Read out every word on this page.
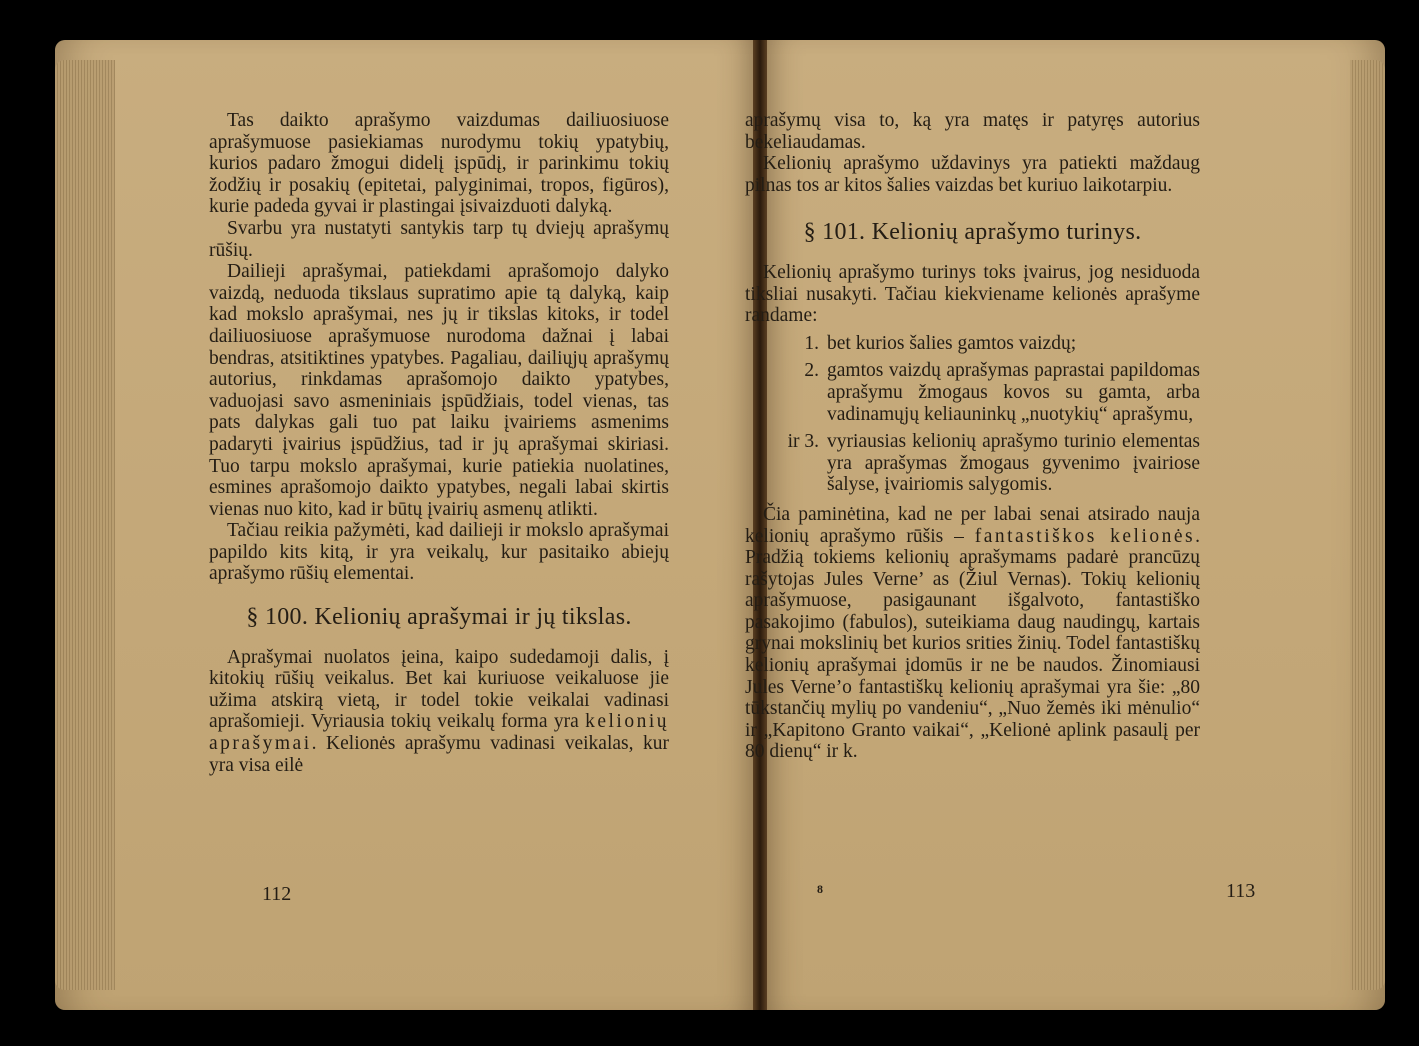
Tas daikto aprašymo vaizdumas dailiuosiuose aprašymuose pasiekiamas nurodymu tokių ypatybių, kurios padaro žmogui didelį įspūdį, ir parinkimu tokių žodžių ir posakių (epitetai, palyginimai, tropos, figūros), kurie padeda gyvai ir plastingai įsivaizduoti dalyką.

Svarbu yra nustatyti santykis tarp tų dviejų aprašymų rūšių.

Dailieji aprašymai, patiekdami aprašomojo dalyko vaizdą, neduoda tikslaus supratimo apie tą dalyką, kaip kad mokslo aprašymai, nes jų ir tikslas kitoks, ir todel dailiuosiuose aprašymuose nurodoma dažnai į labai bendras, atsitiktines ypatybes. Pagaliau, dailiųjų aprašymų autorius, rinkdamas aprašomojo daikto ypatybes, vaduojasi savo asmeniniais įspūdžiais, todel vienas, tas pats dalykas gali tuo pat laiku įvairiems asmenims padaryti įvairius įspūdžius, tad ir jų aprašymai skiriasi. Tuo tarpu mokslo aprašymai, kurie patiekia nuolatines, esmines aprašomojo daikto ypatybes, negali labai skirtis vienas nuo kito, kad ir būtų įvairių asmenų atlikti.

Tačiau reikia pažymėti, kad dailieji ir mokslo aprašymai papildo kits kitą, ir yra veikalų, kur pasitaiko abiejų aprašymo rūšių elementai.

§ 100. Kelionių aprašymai ir jų tikslas.

Aprašymai nuolatos įeina, kaipo sudedamoji dalis, į kitokių rūšių veikalus. Bet kai kuriuose veikaluose jie užima atskirą vietą, ir todel tokie veikalai vadinasi aprašomieji. Vyriausia tokių veikalų forma yra kelionių aprašymai. Kelionės aprašymu vadinasi veikalas, kur yra visa eilė

112

aprašymų visa to, ką yra matęs ir patyręs autorius bekeliaudamas.

Kelionių aprašymo uždavinys yra patiekti maždaug pilnas tos ar kitos šalies vaizdas bet kuriuo laikotarpiu.

§ 101. Kelionių aprašymo turinys.

Kelionių aprašymo turinys toks įvairus, jog nesiduoda tiksliai nusakyti. Tačiau kiekviename kelionės aprašyme randame:

1. bet kurios šalies gamtos vaizdų;
2. gamtos vaizdų aprašymas paprastai papildomas aprašymu žmogaus kovos su gamta, arba vadinamųjų keliauninkų „nuotykių“ aprašymu,
ir 3. vyriausias kelionių aprašymo turinio elementas yra aprašymas žmogaus gyvenimo įvairiose šalyse, įvairiomis salygomis.

Čia paminėtina, kad ne per labai senai atsirado nauja kelionių aprašymo rūšis – fantastiškos kelionės. Pradžią tokiems kelionių aprašymams padarė prancūzų rašytojas Jules Verne’ as (Žiul Vernas). Tokių kelionių aprašymuose, pasigaunant išgalvoto, fantastiško pasakojimo (fabulos), suteikiama daug naudingų, kartais grynai mokslinių bet kurios srities žinių. Todel fantastiškų kelionių aprašymai įdomūs ir ne be naudos. Žinomiausi Jules Verne’o fantastiškų kelionių aprašymai yra šie: „80 tūkstančių mylių po vandeniu“, „Nuo žemės iki mėnulio“ ir „Kapitono Granto vaikai“, „Kelionė aplink pasaulį per 80 dienų“ ir k.

8	113
